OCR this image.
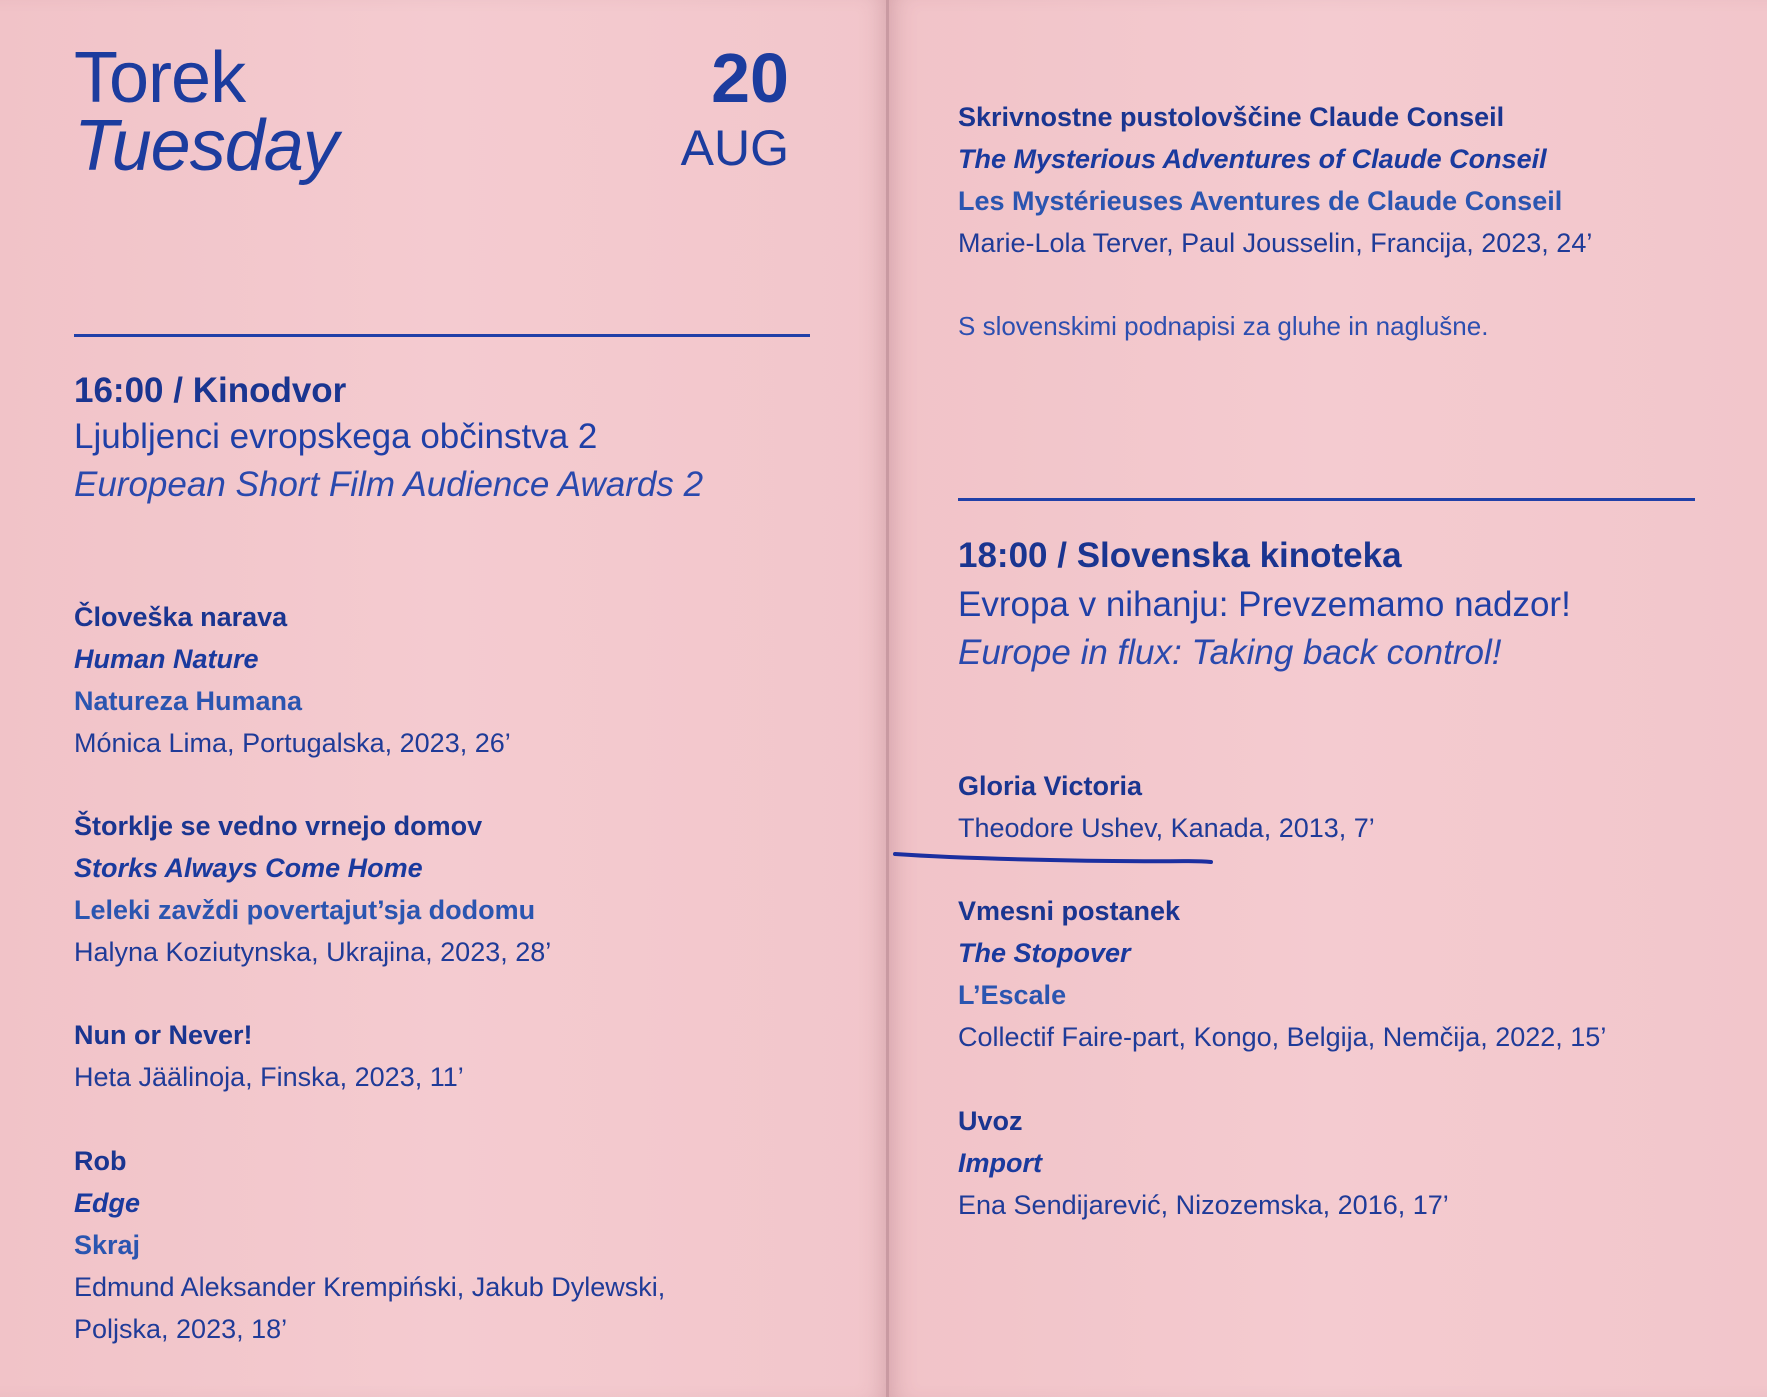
Torek
Tuesday
20
AUG
16:00 / Kinodvor
Ljubljenci evropskega občinstva 2
European Short Film Audience Awards 2
Človeška narava
Human Nature
Natureza Humana
Mónica Lima, Portugalska, 2023, 26’
Štorklje se vedno vrnejo domov
Storks Always Come Home
Leleki zavždi povertajut’sja dodomu
Halyna Koziutynska, Ukrajina, 2023, 28’
Nun or Never!
Heta Jäälinoja, Finska, 2023, 11’
Rob
Edge
Skraj
Edmund Aleksander Krempiński, Jakub Dylewski,
Poljska, 2023, 18’
Skrivnostne pustolovščine Claude Conseil
The Mysterious Adventures of Claude Conseil
Les Mystérieuses Aventures de Claude Conseil
Marie-Lola Terver, Paul Jousselin, Francija, 2023, 24’
S slovenskimi podnapisi za gluhe in naglušne.
18:00 / Slovenska kinoteka
Evropa v nihanju: Prevzemamo nadzor!
Europe in flux: Taking back control!
Gloria Victoria
Theodore Ushev, Kanada, 2013, 7’
Vmesni postanek
The Stopover
L’Escale
Collectif Faire-part, Kongo, Belgija, Nemčija, 2022, 15’
Uvoz
Import
Ena Sendijarević, Nizozemska, 2016, 17’
